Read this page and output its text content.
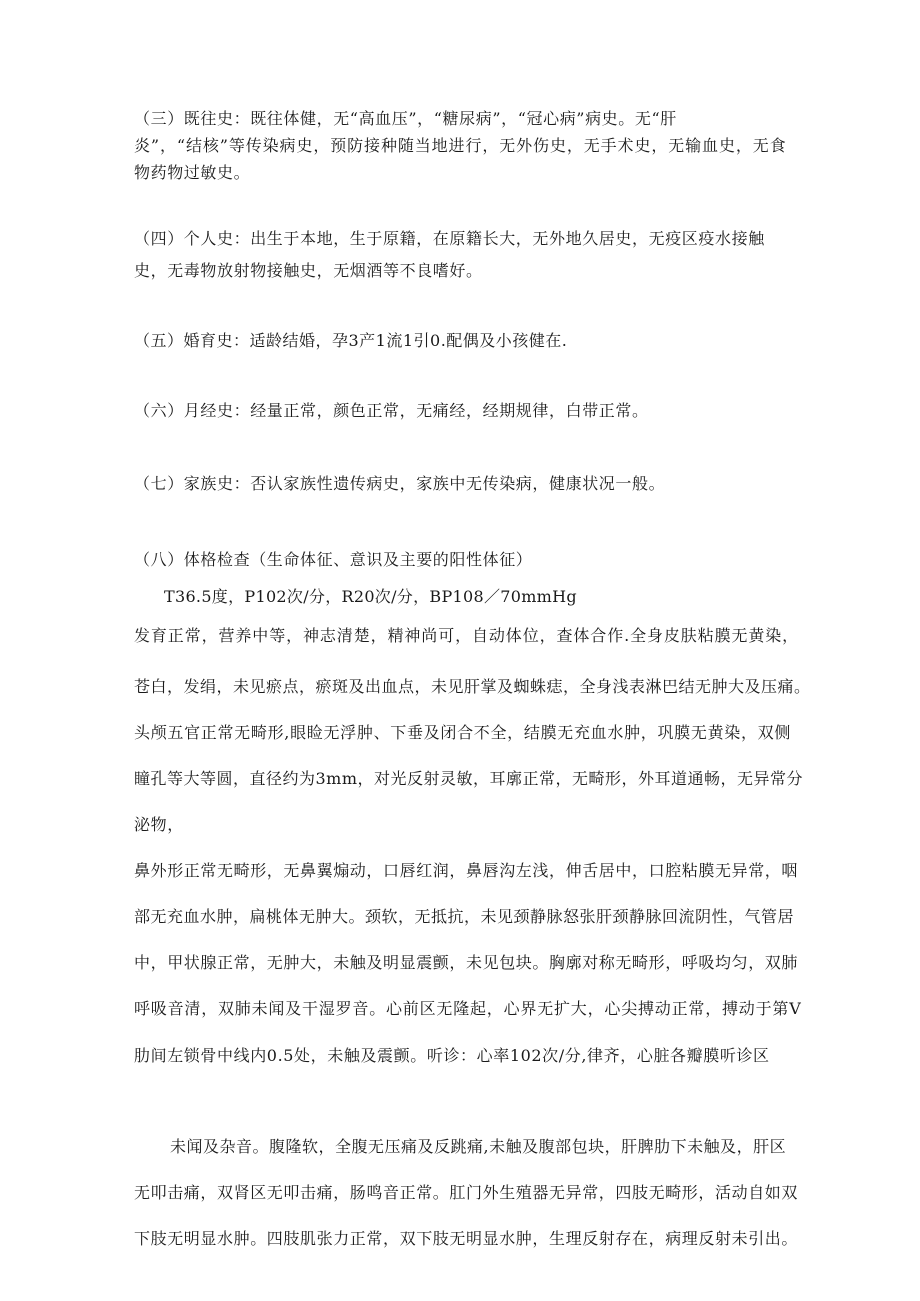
（三）既往史：既往体健，无“高血压”，“糖尿病”，“冠心病”病史。无“肝

炎”，“结核”等传染病史，预防接种随当地进行，无外伤史，无手术史，无输血史，无食

物药物过敏史。

（四）个人史：出生于本地，生于原籍，在原籍长大，无外地久居史，无疫区疫水接触

史，无毒物放射物接触史，无烟酒等不良嗜好。

（五）婚育史：适龄结婚，孕3产1流1引0.配偶及小孩健在.

（六）月经史：经量正常，颜色正常，无痛经，经期规律，白带正常。

（七）家族史：否认家族性遗传病史，家族中无传染病，健康状况一般。

（八）体格检查（生命体征、意识及主要的阳性体征）

T36.5度，P102次/分，R20次/分，BP108／70mmHg

发育正常，营养中等，神志清楚，精神尚可，自动体位，查体合作.全身皮肤粘膜无黄染，

苍白，发绢，未见瘀点，瘀斑及出血点，未见肝掌及蜘蛛痣，全身浅表淋巴结无肿大及压痛。

头颅五官正常无畸形,眼睑无浮肿、下垂及闭合不全，结膜无充血水肿，巩膜无黄染，双侧

瞳孔等大等圆，直径约为3mm，对光反射灵敏，耳廓正常，无畸形，外耳道通畅，无异常分

泌物，

鼻外形正常无畸形，无鼻翼煽动，口唇红润，鼻唇沟左浅，伸舌居中，口腔粘膜无异常，咽

部无充血水肿，扁桃体无肿大。颈软，无抵抗，未见颈静脉怒张肝颈静脉回流阴性，气管居

中，甲状腺正常，无肿大，未触及明显震颤，未见包块。胸廓对称无畸形，呼吸均匀，双肺

呼吸音清，双肺未闻及干湿罗音。心前区无隆起，心界无扩大，心尖搏动正常，搏动于第V

肋间左锁骨中线内0.5处，未触及震颤。听诊：心率102次/分,律齐，心脏各瓣膜听诊区

未闻及杂音。腹隆软，全腹无压痛及反跳痛,未触及腹部包块，肝脾肋下未触及，肝区

无叩击痛，双肾区无叩击痛，肠鸣音正常。肛门外生殖器无异常，四肢无畸形，活动自如双

下肢无明显水肿。四肢肌张力正常，双下肢无明显水肿，生理反射存在，病理反射未引出。
